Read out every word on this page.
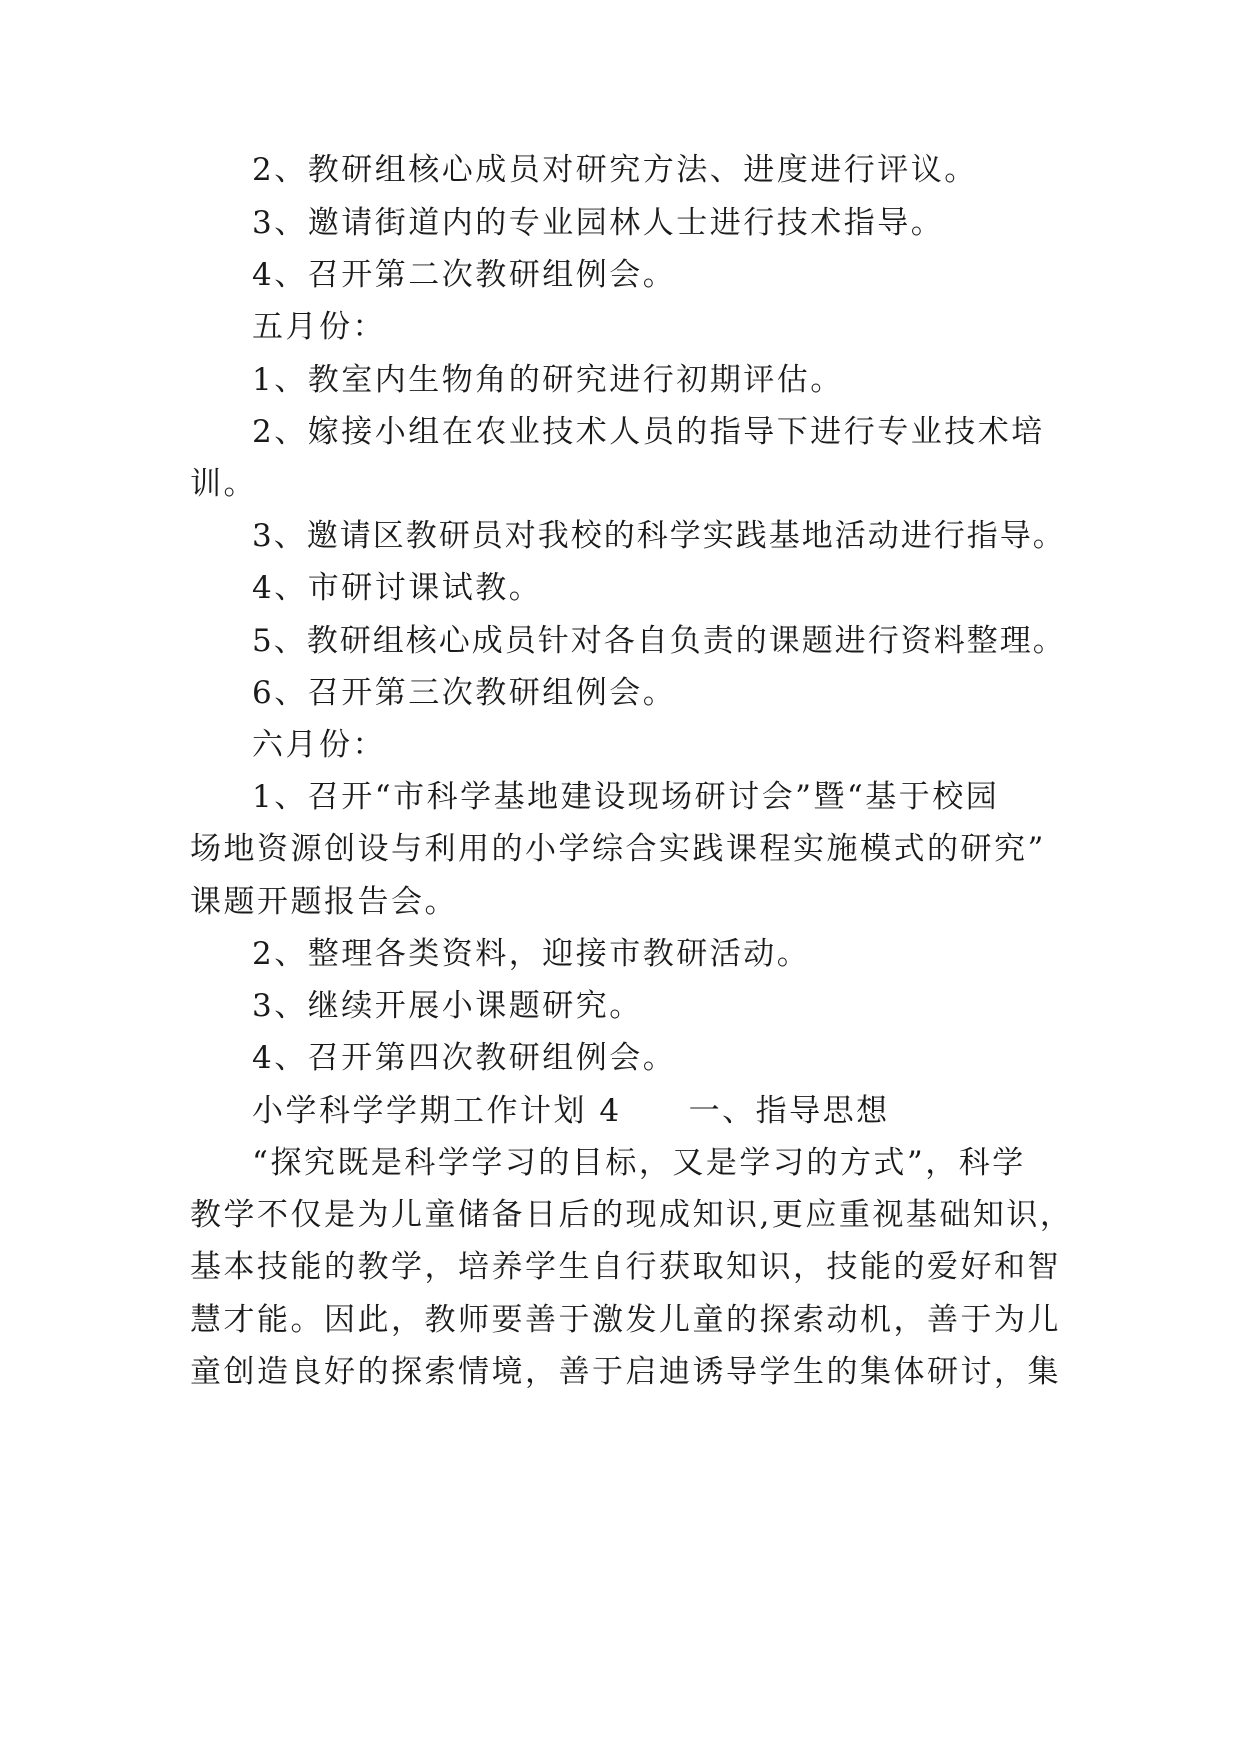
2、教研组核心成员对研究方法、进度进行评议。
3、邀请街道内的专业园林人士进行技术指导。
4、召开第二次教研组例会。
五月份：
1、教室内生物角的研究进行初期评估。
2、嫁接小组在农业技术人员的指导下进行专业技术培
训。
3、邀请区教研员对我校的科学实践基地活动进行指导。
4、市研讨课试教。
5、教研组核心成员针对各自负责的课题进行资料整理。
6、召开第三次教研组例会。
六月份：
1、召开“市科学基地建设现场研讨会”暨“基于校园
场地资源创设与利用的小学综合实践课程实施模式的研究”
课题开题报告会。
2、整理各类资料，迎接市教研活动。
3、继续开展小课题研究。
4、召开第四次教研组例会。
小学科学学期工作计划 4　　一、指导思想
“探究既是科学学习的目标，又是学习的方式”，科学
教学不仅是为儿童储备日后的现成知识,更应重视基础知识，
基本技能的教学，培养学生自行获取知识，技能的爱好和智
慧才能。因此，教师要善于激发儿童的探索动机，善于为儿
童创造良好的探索情境，善于启迪诱导学生的集体研讨，集
